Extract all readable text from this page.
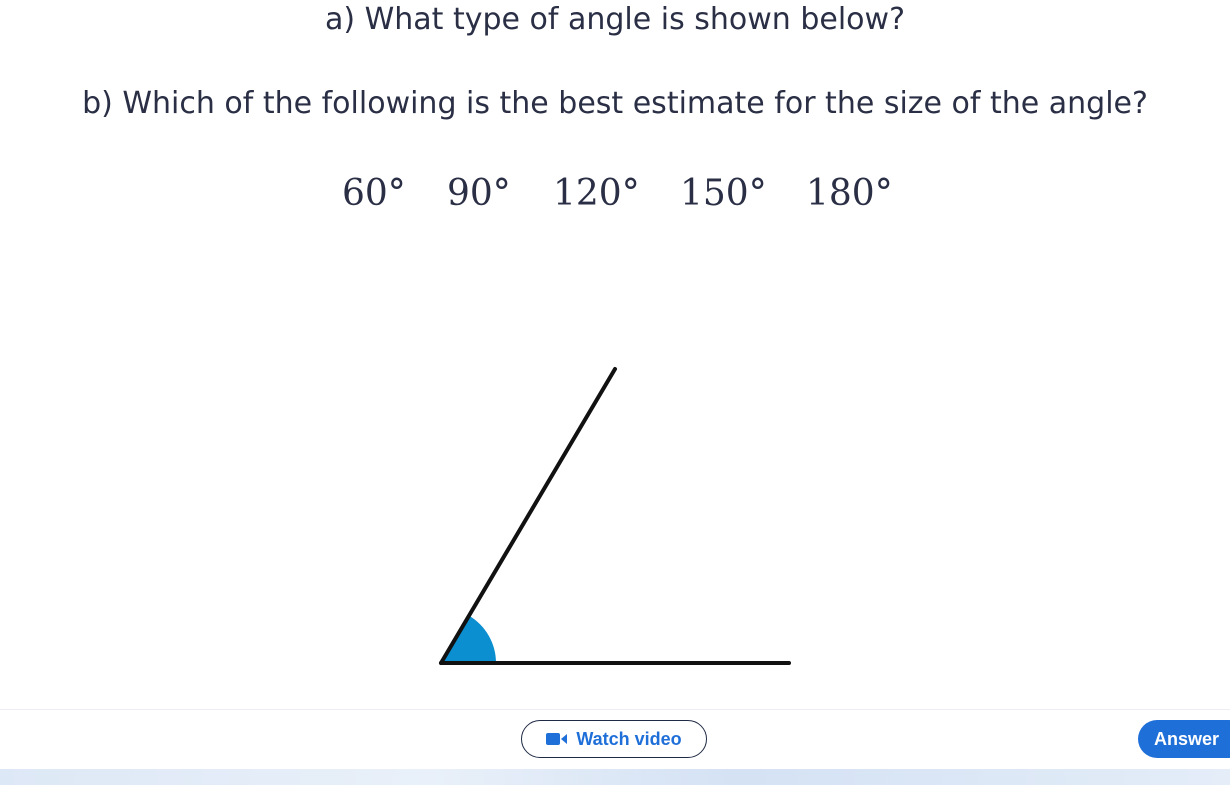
a) What type of angle is shown below?
b) Which of the following is the best estimate for the size of the angle?
60° 90° 120° 150° 180°
Watch video	Answer
